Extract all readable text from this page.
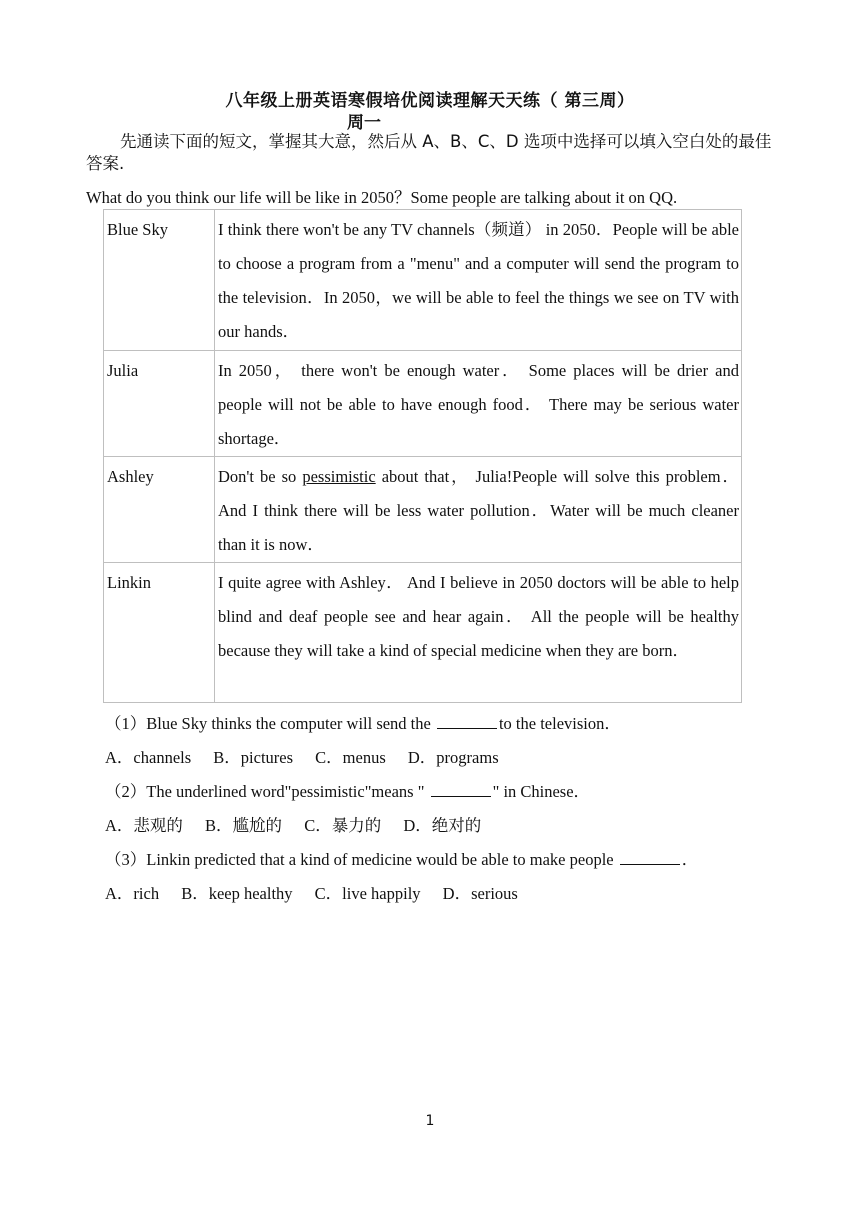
八年级上册英语寒假培优阅读理解天天练（ 第三周）
周一
先通读下面的短文，掌握其大意，然后从 A、B、C、D 选项中选择可以填入空白处的最佳答案.
What do you think our life will be like in 2050？Some people are talking about it on QQ.
Blue Sky	I think there won't be any TV channels（频道） in 2050．People will be able to choose a program from a "menu" and a computer will send the program to the television．In 2050，we will be able to feel the things we see on TV with our hands．
Julia	In 2050， there won't be enough water． Some places will be drier and people will not be able to have enough food． There may be serious water shortage．
Ashley	Don't be so pessimistic about that， Julia!People will solve this problem．And I think there will be less water pollution．Water will be much cleaner than it is now．
Linkin	I quite agree with Ashley． And I believe in 2050 doctors will be able to help blind and deaf people see and hear again． All the people will be healthy because they will take a kind of special medicine when they are born．
（1）Blue Sky thinks the computer will send the	to the television．
A．channels B．pictures C．menus D．programs
（2）The underlined word"pessimistic"means "	" in Chinese．
A．悲观的 B．尴尬的 C．暴力的 D．绝对的
（3）Linkin predicted that a kind of medicine would be able to make people	．
A．rich B．keep healthy C．live happily D．serious
1
